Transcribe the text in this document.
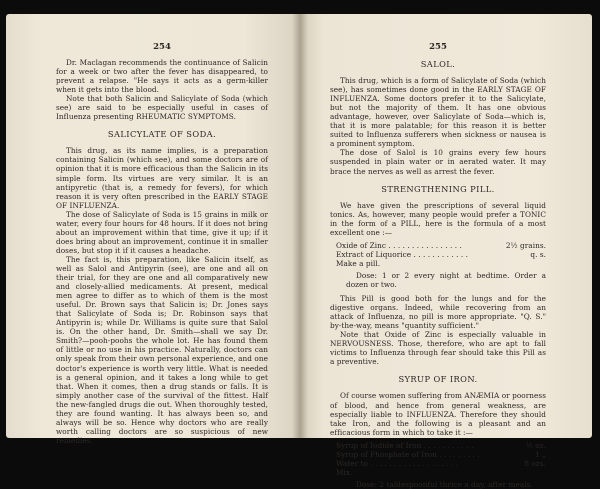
254

Dr. Maclagan recommends the continuance of Salicin for a week or two after the fever has disappeared, to prevent a relapse. "He says it acts as a germ-killer when it gets into the blood.

Note that both Salicin and Salicylate of Soda (which see) are said to be especially useful in cases of Influenza presenting RHEUMATIC SYMPTOMS.

SALICYLATE OF SODA.

This drug, as its name implies, is a preparation containing Salicin (which see), and some doctors are of opinion that it is more efficacious than the Salicin in its simple form. Its virtues are very similar. It is an antipyretic (that is, a remedy for fevers), for which reason it is very often prescribed in the EARLY STAGE OF INFLUENZA.

The dose of Salicylate of Soda is 15 grains in milk or water, every four hours for 48 hours. If it does not bring about an improvement within that time, give it up; if it does bring about an improvement, continue it in smaller doses, but stop it if it causes a headache.

The fact is, this preparation, like Salicin itself, as well as Salol and Antipyrin (see), are one and all on their trial, for they are one and all comparatively new and closely-allied medicaments. At present, medical men agree to differ as to which of them is the most useful. Dr. Brown says that Salicin is; Dr. Jones says that Salicylate of Soda is; Dr. Robinson says that Antipyrin is; while Dr. Williams is quite sure that Salol is. On the other hand, Dr. Smith—shall we say Dr. Smith?—pooh-poohs the whole lot. He has found them of little or no use in his practice. Naturally, doctors can only speak from their own personal experience, and one doctor's experience is worth very little. What is needed is a general opinion, and it takes a long while to get that. When it comes, then a drug stands or falls. It is simply another case of the survival of the fittest. Half the new-fangled drugs die out. When thoroughly tested, they are found wanting. It has always been so, and always will be so. Hence why doctors who are really worth calling doctors are so suspicious of new remedies.

255
SALOL.

This drug, which is a form of Salicylate of Soda (which see), has sometimes done good in the EARLY STAGE OF INFLUENZA. Some doctors prefer it to the Salicylate, but not the majority of them. It has one obvious advantage, however, over Salicylate of Soda—which is, that it is more palatable; for this reason it is better suited to Influenza sufferers when sickness or nausea is a prominent symptom.

The dose of Salol is 10 grains every few hours suspended in plain water or in aerated water. It may brace the nerves as well as arrest the fever.

STRENGTHENING PILL.

We have given the prescriptions of several liquid tonics. As, however, many people would prefer a TONIC in the form of a PILL, here is the formula of a most excellent one :—

Oxide of Zinc . . . . . . . . . . . . . . . .	2½ grains.
Extract of Liquorice . . . . . . . . . . . .	q. s.
Make a pill.

Dose: 1 or 2 every night at bedtime. Order a dozen or two.

This Pill is good both for the lungs and for the digestive organs. Indeed, while recovering from an attack of Influenza, no pill is more appropriate. "Q. S." by-the-way, means "quantity sufficient."

Note that Oxide of Zinc is especially valuable in NERVOUSNESS. Those, therefore, who are apt to fall victims to Influenza through fear should take this Pill as a preventive.

SYRUP OF IRON.

Of course women suffering from ANÆMIA or poorness of blood, and hence from general weakness, are especially liable to INFLUENZA. Therefore they should take Iron, and the following is a pleasant and an efficacious form in which to take it :—

Syrup of Iodide of Iron . . . . . . . . . . .	½ oz.
Syrup of Phosphate of Iron . . . . . . . . .	1 „
Water to . . . . . . . . . . . . . . . . . . .	8 ozs.
Mix.

Dose: 2 tablespoonful thrice a day, after meals.
